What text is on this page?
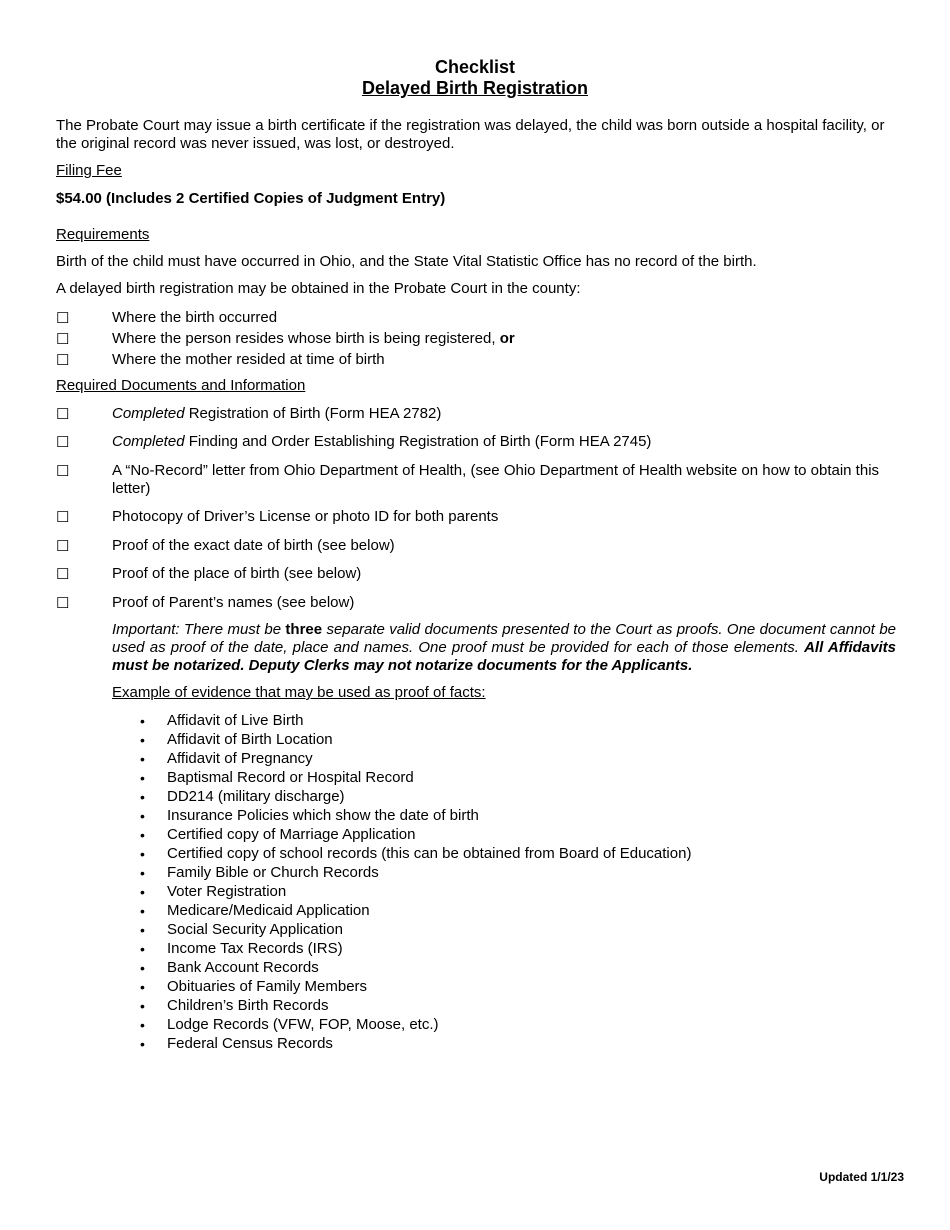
Checklist
Delayed Birth Registration
The Probate Court may issue a birth certificate if the registration was delayed, the child was born outside a hospital facility, or the original record was never issued, was lost, or destroyed.
Filing Fee
$54.00 (Includes 2 Certified Copies of Judgment Entry)
Requirements
Birth of the child must have occurred in Ohio, and the State Vital Statistic Office has no record of the birth.
A delayed birth registration may be obtained in the Probate Court in the county:
☐	Where the birth occurred
☐	Where the person resides whose birth is being registered, or
☐	Where the mother resided at time of birth
Required Documents and Information
☐	Completed Registration of Birth (Form HEA 2782)
☐	Completed Finding and Order Establishing Registration of Birth (Form HEA 2745)
☐	A “No-Record” letter from Ohio Department of Health, (see Ohio Department of Health website on how to obtain this letter)
☐	Photocopy of Driver’s License or photo ID for both parents
☐	Proof of the exact date of birth (see below)
☐	Proof of the place of birth (see below)
☐	Proof of Parent’s names (see below)
Important: There must be three separate valid documents presented to the Court as proofs. One document cannot be used as proof of the date, place and names. One proof must be provided for each of those elements. All Affidavits must be notarized. Deputy Clerks may not notarize documents for the Applicants.
Example of evidence that may be used as proof of facts:
• Affidavit of Live Birth
• Affidavit of Birth Location
• Affidavit of Pregnancy
• Baptismal Record or Hospital Record
• DD214 (military discharge)
• Insurance Policies which show the date of birth
• Certified copy of Marriage Application
• Certified copy of school records (this can be obtained from Board of Education)
• Family Bible or Church Records
• Voter Registration
• Medicare/Medicaid Application
• Social Security Application
• Income Tax Records (IRS)
• Bank Account Records
• Obituaries of Family Members
• Children’s Birth Records
• Lodge Records (VFW, FOP, Moose, etc.)
• Federal Census Records
Updated 1/1/23
